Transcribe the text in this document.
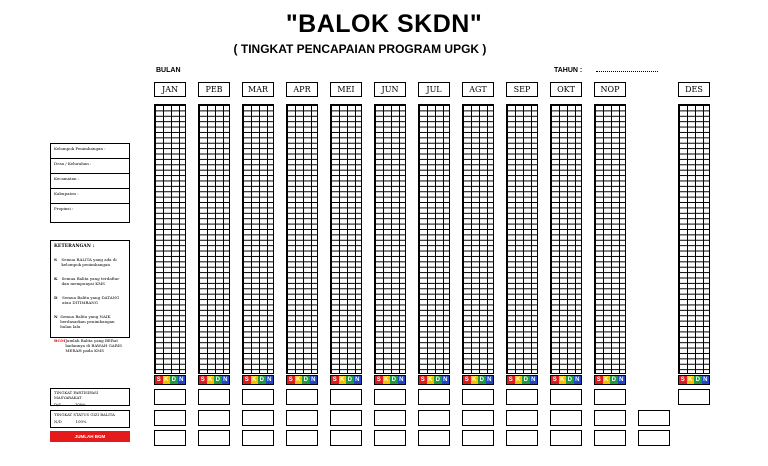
"BALOK SKDN"
( TINGKAT PENCAPAIAN PROGRAM UPGK )
BULAN	TAHUN :
JAN
S K D N
PEB
S K D N
MAR
S K D N
APR
S K D N
MEI
S K D N
JUN
S K D N
JUL
S K D N
AGT
S K D N
SEP
S K D N
OKT
S K D N
NOP
S K D N
DES
S K D N
Kelompok Penimbangan :
Desa / Kelurahan :
Kecamatan :
Kabupaten :
Propinsi :
KETERANGAN :
S	Semua BALITA yang ada di kelompok penimbangan
K	Semua Balita yang terdaftar dan mempunyai KMS
D	Semua Balita yang DATANG atau DITIMBANG
N Semua Balita yang NAIK berdasarkan penimbangan bulan lalu
BGM Jumlah Balita yang BERat badannya di BAWAH GARIS MERAH pada KMS
TINGKAT PARTISIPASI MASYARAKAT
D/S	100%
TINGKAT STATUS GIZI BALITA
N/D	100%
JUMLAH BGM
